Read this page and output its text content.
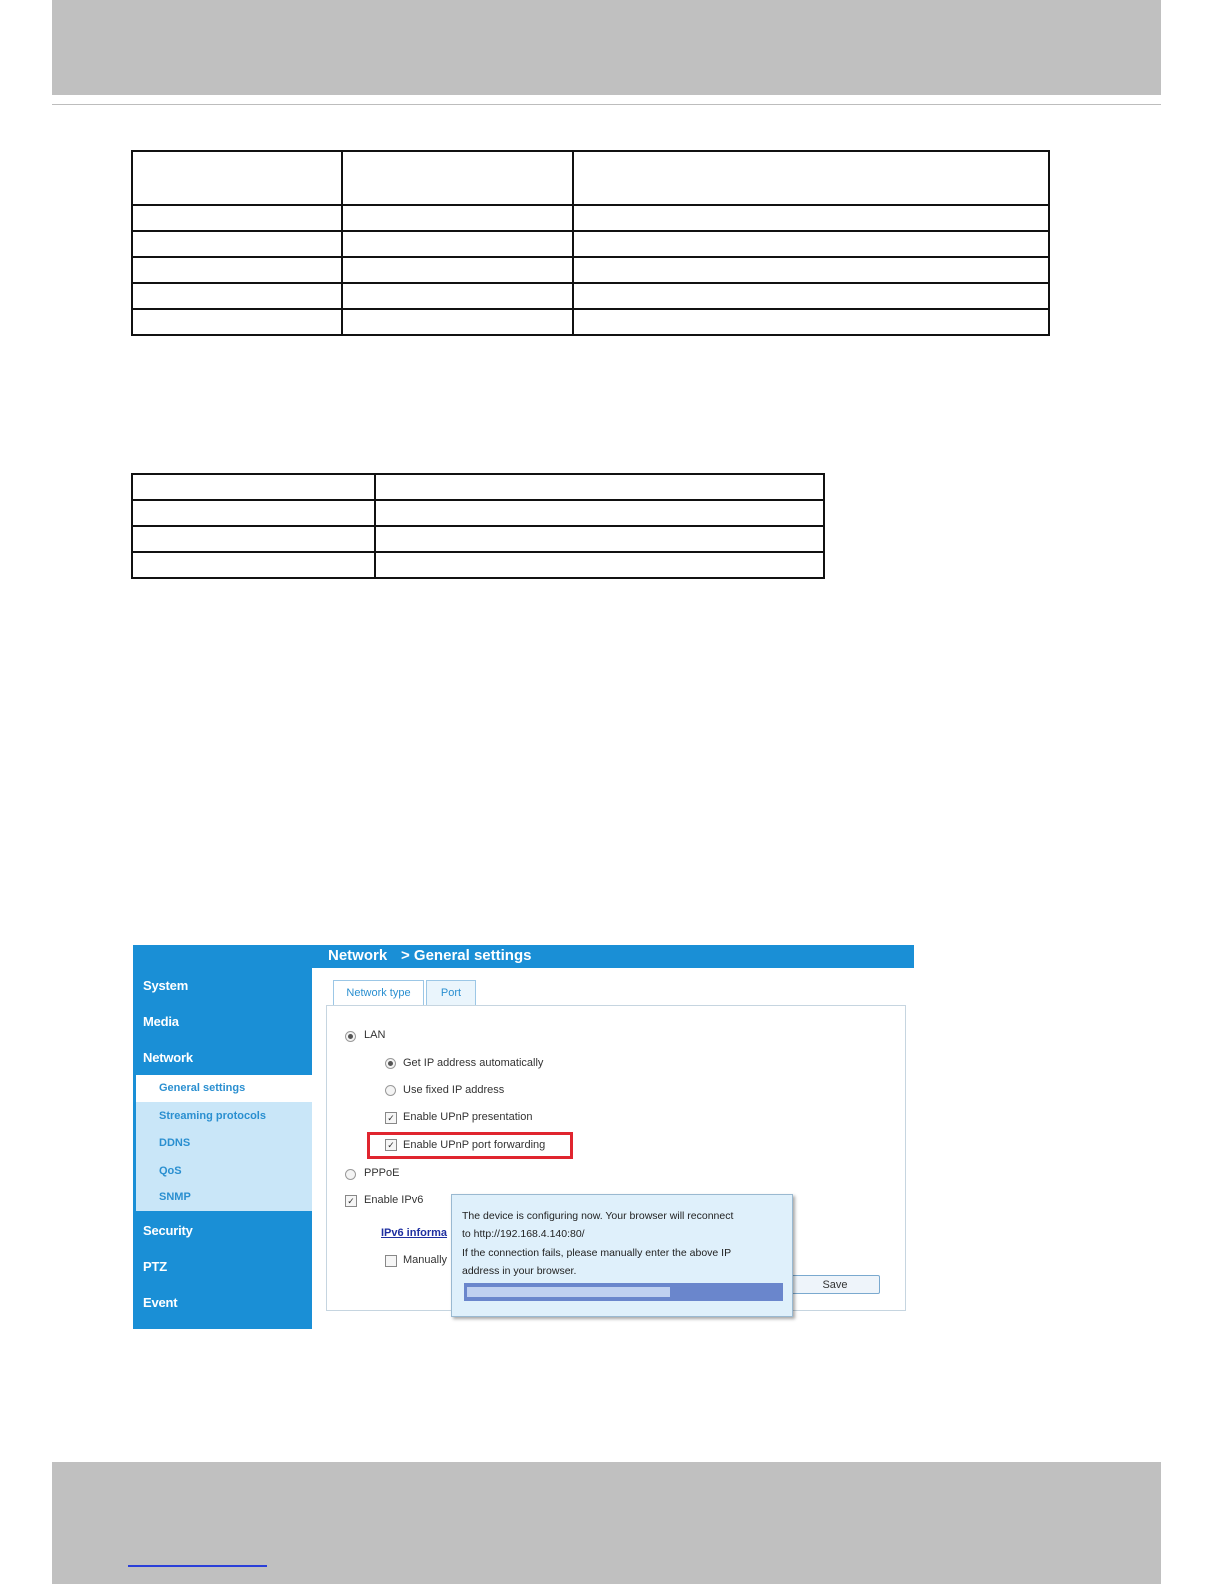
System
Media
Network
General settings
Streaming protocols
DDNS
QoS
SNMP
Security
PTZ
Event
Network > General settings
Network type	Port
LAN
Get IP address automatically
Use fixed IP address
✓ Enable UPnP presentation
✓ Enable UPnP port forwarding
PPPoE
✓ Enable IPv6
IPv6 informa
Manually
Save
The device is configuring now. Your browser will reconnect
to http://192.168.4.140:80/
If the connection fails, please manually enter the above IP
address in your browser.
